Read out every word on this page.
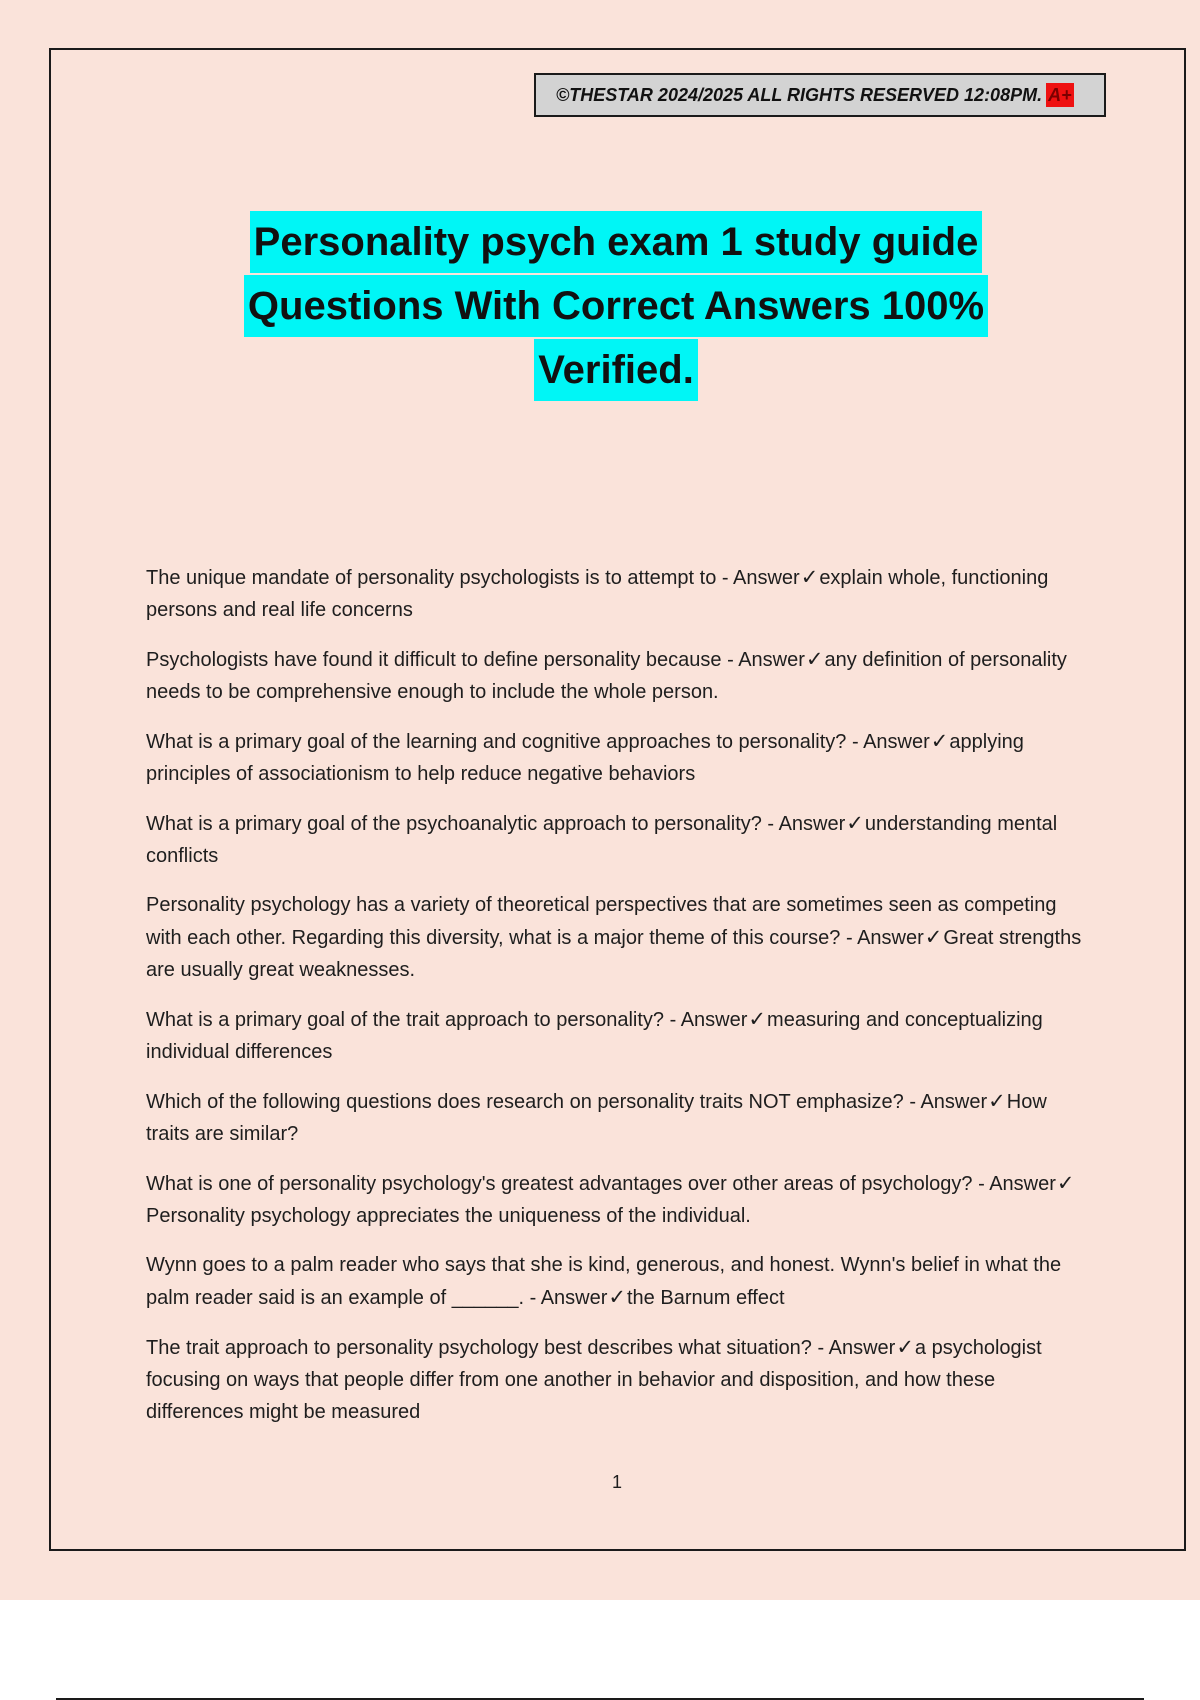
©THESTAR 2024/2025 ALL RIGHTS RESERVED 12:08PM. A+
Personality psych exam 1 study guide
Questions With Correct Answers 100%
Verified.
The unique mandate of personality psychologists is to attempt to - Answer✓explain whole, functioning persons and real life concerns
Psychologists have found it difficult to define personality because - Answer✓any definition of personality needs to be comprehensive enough to include the whole person.
What is a primary goal of the learning and cognitive approaches to personality? - Answer✓applying principles of associationism to help reduce negative behaviors
What is a primary goal of the psychoanalytic approach to personality? - Answer✓understanding mental conflicts
Personality psychology has a variety of theoretical perspectives that are sometimes seen as competing with each other. Regarding this diversity, what is a major theme of this course? - Answer✓Great strengths are usually great weaknesses.
What is a primary goal of the trait approach to personality? - Answer✓measuring and conceptualizing individual differences
Which of the following questions does research on personality traits NOT emphasize? - Answer✓How traits are similar?
What is one of personality psychology's greatest advantages over other areas of psychology? - Answer✓Personality psychology appreciates the uniqueness of the individual.
Wynn goes to a palm reader who says that she is kind, generous, and honest. Wynn's belief in what the palm reader said is an example of ______. - Answer✓the Barnum effect
The trait approach to personality psychology best describes what situation? - Answer✓a psychologist focusing on ways that people differ from one another in behavior and disposition, and how these differences might be measured
1
